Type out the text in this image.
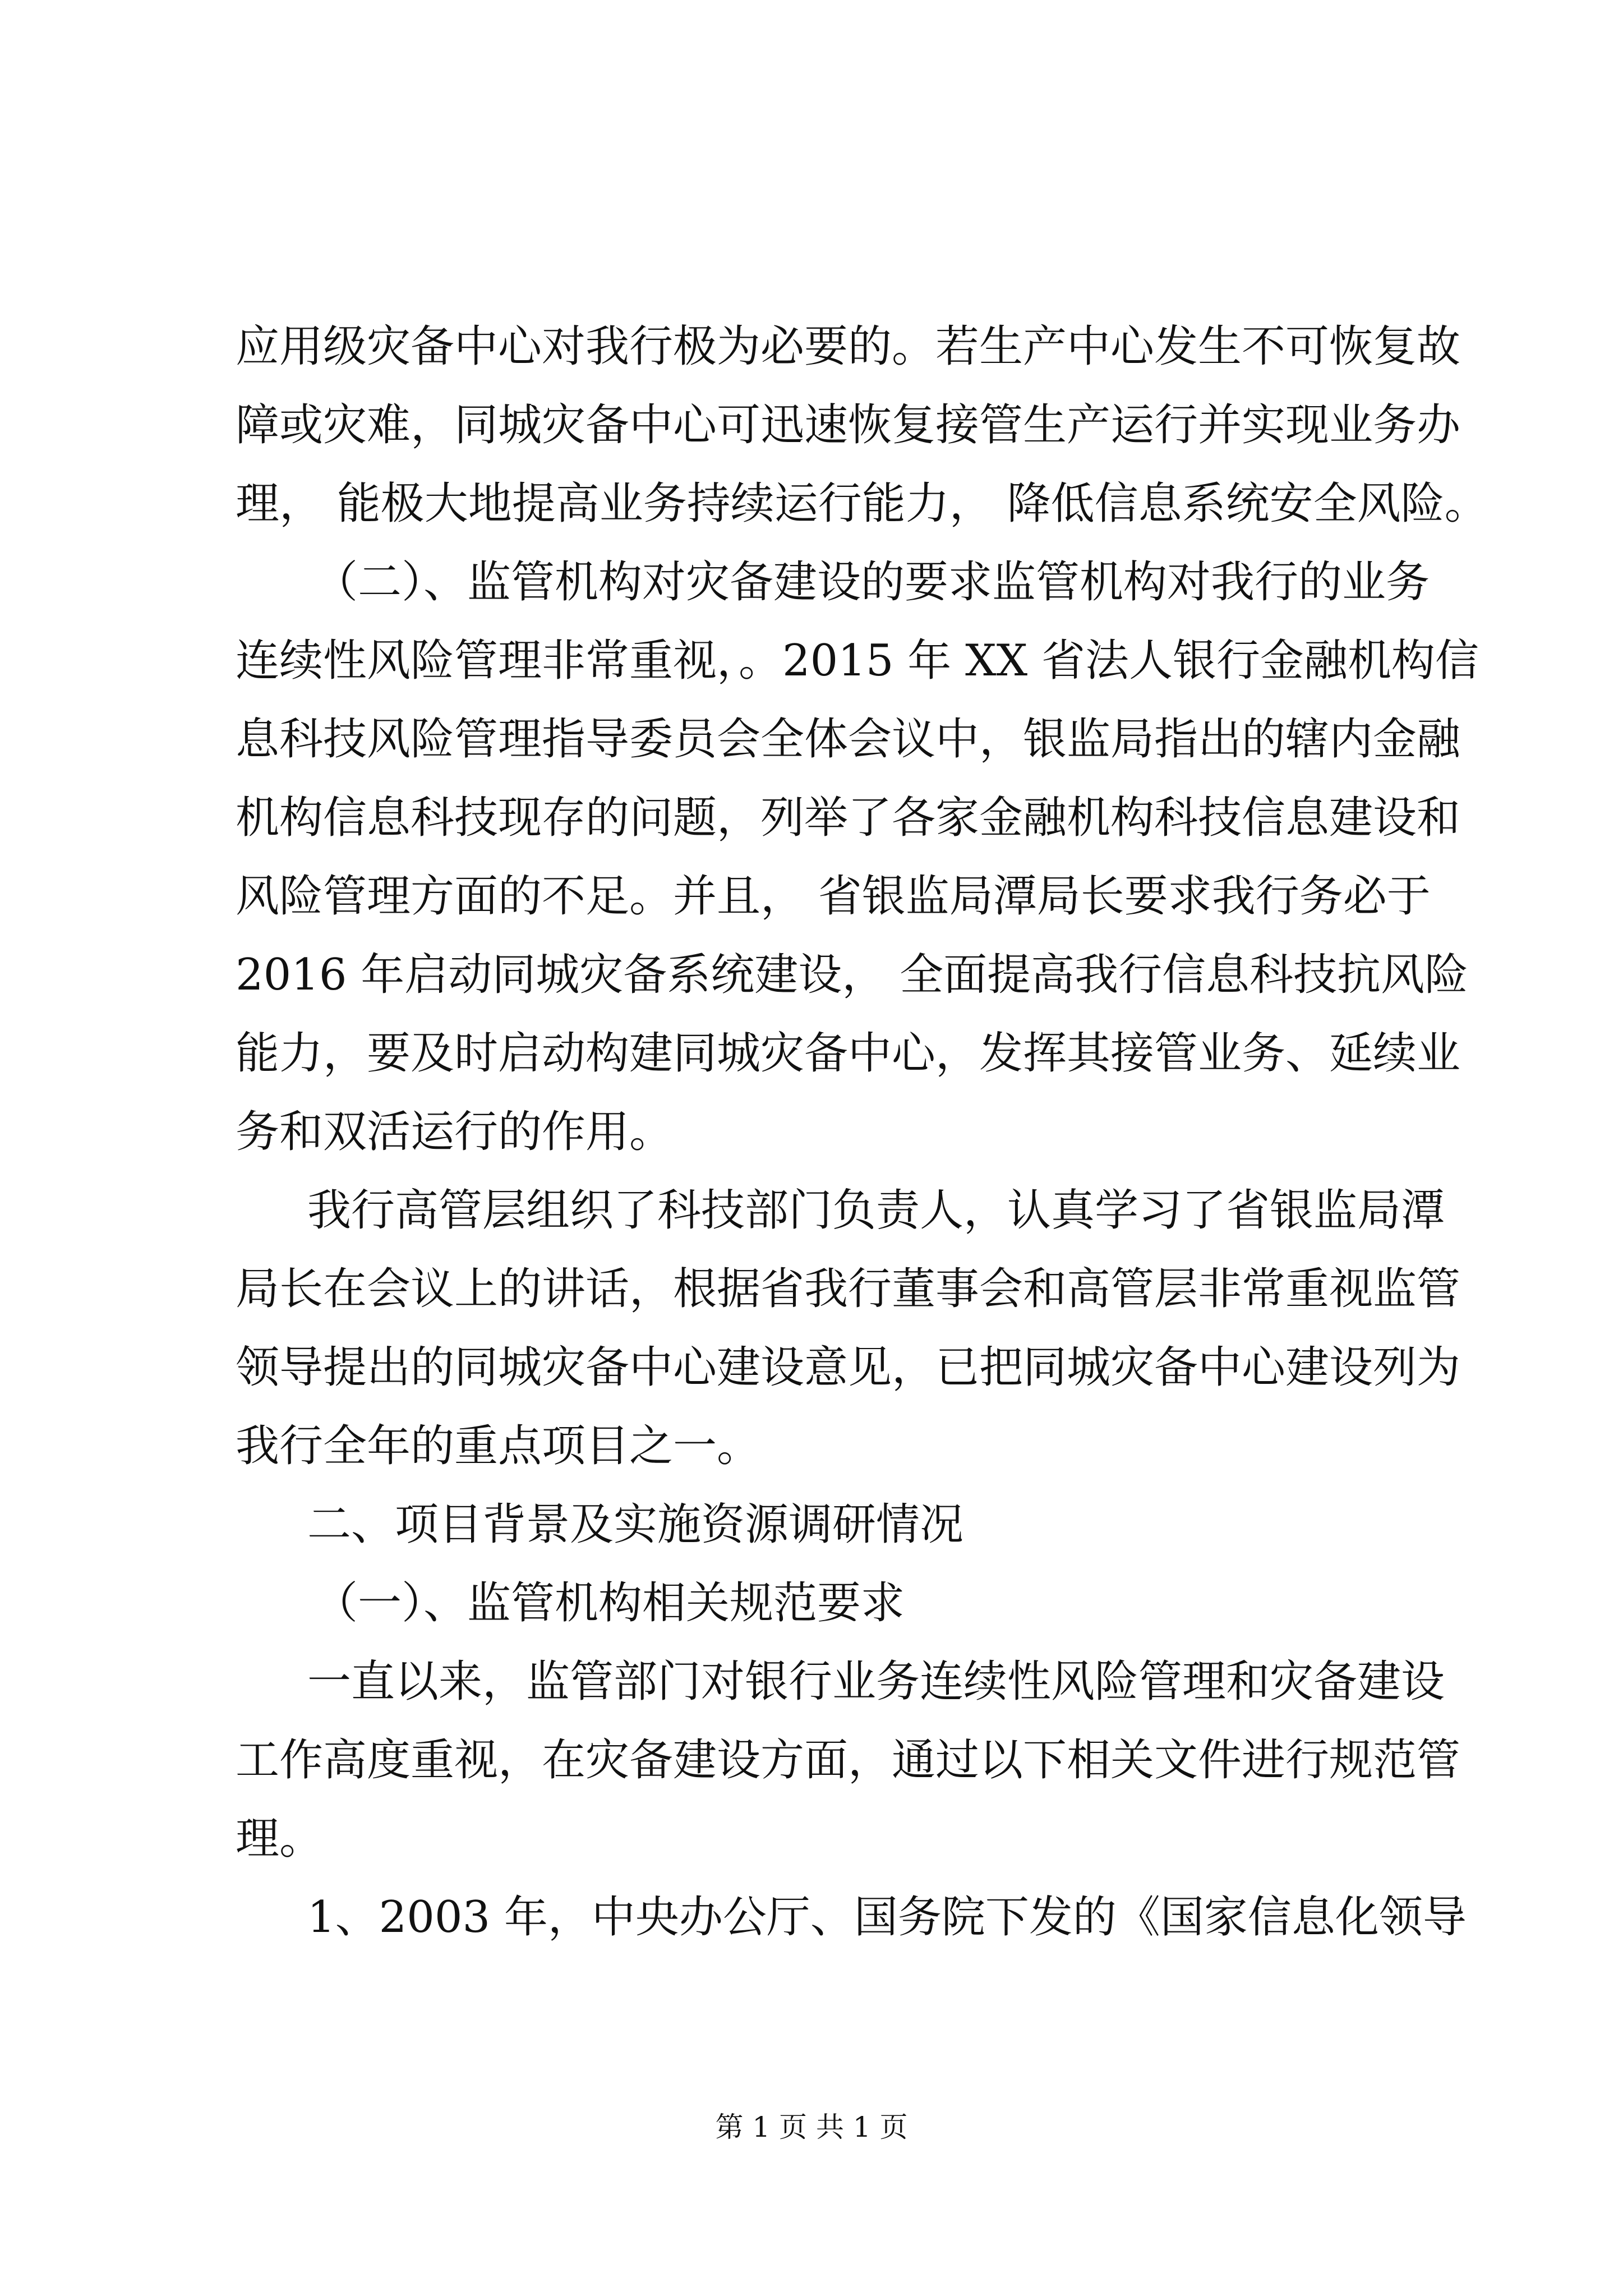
应用级灾备中心对我行极为必要的。若生产中心发生不可恢复故
障或灾难，同城灾备中心可迅速恢复接管生产运行并实现业务办
理， 能极大地提高业务持续运行能力， 降低信息系统安全风险。
（二）、监管机构对灾备建设的要求监管机构对我行的业务
连续性风险管理非常重视，。2015 年 XX 省法人银行金融机构信
息科技风险管理指导委员会全体会议中，银监局指出的辖内金融
机构信息科技现存的问题，列举了各家金融机构科技信息建设和
风险管理方面的不足。并且， 省银监局潭局长要求我行务必于
2016 年启动同城灾备系统建设， 全面提高我行信息科技抗风险
能力，要及时启动构建同城灾备中心，发挥其接管业务、延续业
务和双活运行的作用。
我行高管层组织了科技部门负责人，认真学习了省银监局潭
局长在会议上的讲话，根据省我行董事会和高管层非常重视监管
领导提出的同城灾备中心建设意见，已把同城灾备中心建设列为
我行全年的重点项目之一。
二、项目背景及实施资源调研情况
（一）、监管机构相关规范要求
一直以来，监管部门对银行业务连续性风险管理和灾备建设
工作高度重视，在灾备建设方面，通过以下相关文件进行规范管
理。
1、2003 年，中央办公厅、国务院下发的《国家信息化领导
第 1 页 共 1 页
